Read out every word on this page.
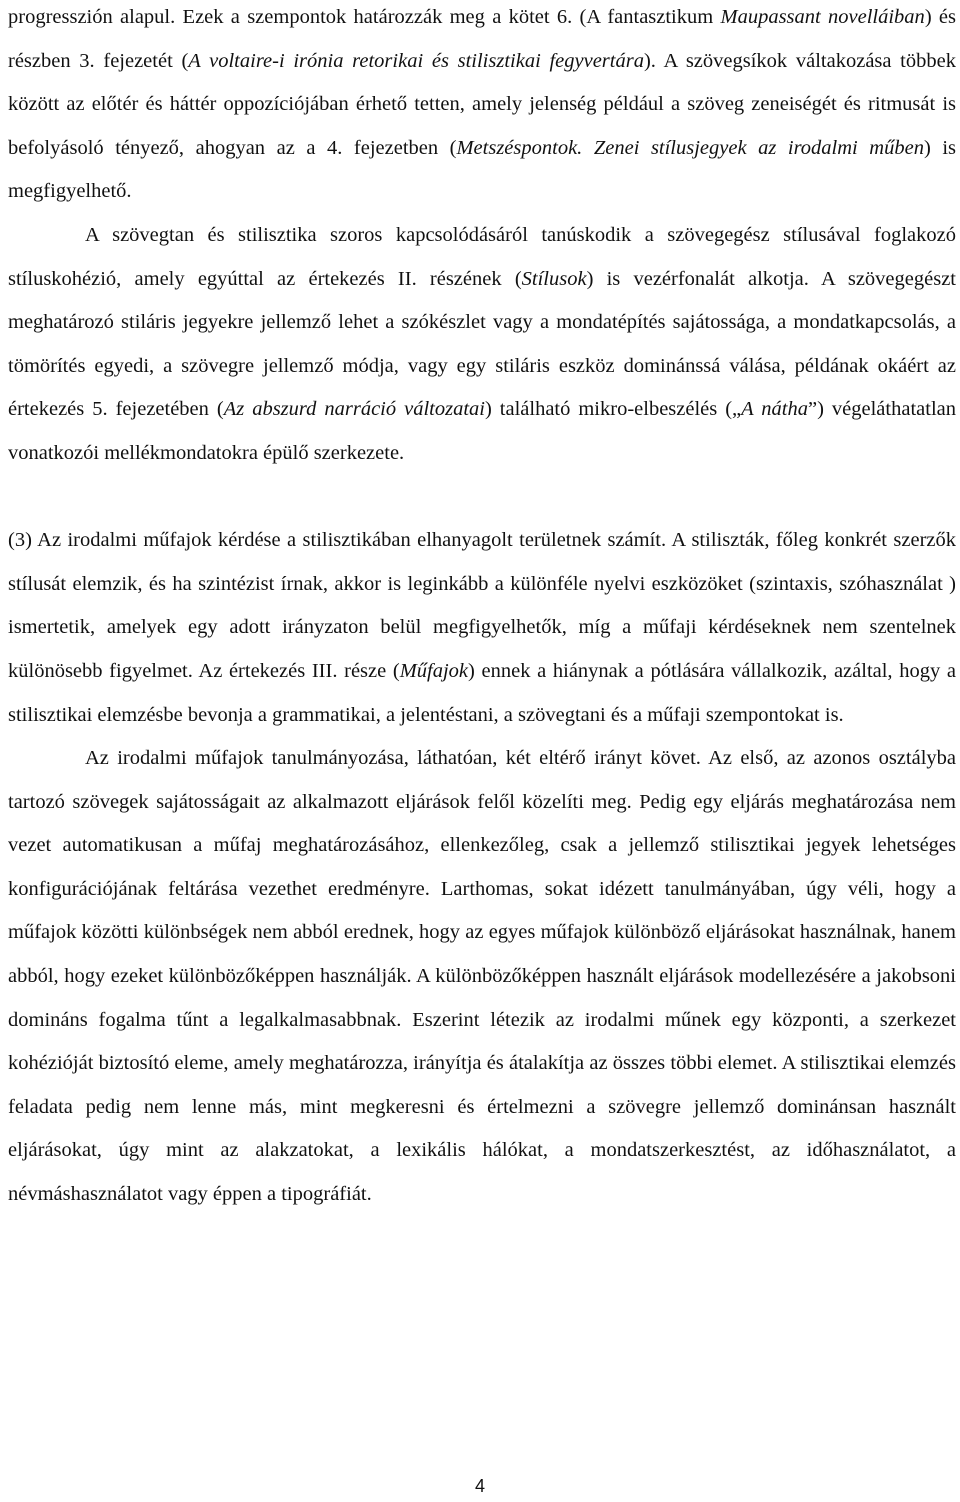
progresszión alapul. Ezek a szempontok határozzák meg a kötet 6. (A fantasztikum Maupassant novelláiban) és részben 3. fejezetét (A voltaire-i irónia retorikai és stilisztikai fegyvertára). A szövegsíkok váltakozása többek között az előtér és háttér oppozíciójában érhető tetten, amely jelenség például a szöveg zeneiségét és ritmusát is befolyásoló tényező, ahogyan az a 4. fejezetben (Metszéspontok. Zenei stílusjegyek az irodalmi műben) is megfigyelhető.

A szövegtan és stilisztika szoros kapcsolódásáról tanúskodik a szövegegész stílusával foglakozó stíluskohézió, amely egyúttal az értekezés II. részének (Stílusok) is vezérfonalát alkotja. A szövegegészt meghatározó stiláris jegyekre jellemző lehet a szókészlet vagy a mondatépítés sajátossága, a mondatkapcsolás, a tömörítés egyedi, a szövegre jellemző módja, vagy egy stiláris eszköz dominánssá válása, példának okáért az értekezés 5. fejezetében (Az abszurd narráció változatai) található mikro-elbeszélés („A nátha”) végeláthatatlan vonatkozói mellékmondatokra épülő szerkezete.

(3) Az irodalmi műfajok kérdése a stilisztikában elhanyagolt területnek számít. A stiliszták, főleg konkrét szerzők stílusát elemzik, és ha szintézist írnak, akkor is leginkább a különféle nyelvi eszközöket (szintaxis, szóhasználat ) ismertetik, amelyek egy adott irányzaton belül megfigyelhetők, míg a műfaji kérdéseknek nem szentelnek különösebb figyelmet. Az értekezés III. része (Műfajok) ennek a hiánynak a pótlására vállalkozik, azáltal, hogy a stilisztikai elemzésbe bevonja a grammatikai, a jelentéstani, a szövegtani és a műfaji szempontokat is.

Az irodalmi műfajok tanulmányozása, láthatóan, két eltérő irányt követ. Az első, az azonos osztályba tartozó szövegek sajátosságait az alkalmazott eljárások felől közelíti meg. Pedig egy eljárás meghatározása nem vezet automatikusan a műfaj meghatározásához, ellenkezőleg, csak a jellemző stilisztikai jegyek lehetséges konfigurációjának feltárása vezethet eredményre. Larthomas, sokat idézett tanulmányában, úgy véli, hogy a műfajok közötti különbségek nem abból erednek, hogy az egyes műfajok különböző eljárásokat használnak, hanem abból, hogy ezeket különbözőképpen használják. A különbözőképpen használt eljárások modellezésére a jakobsoni domináns fogalma tűnt a legalkalmasabbnak. Eszerint létezik az irodalmi műnek egy központi, a szerkezet kohézióját biztosító eleme, amely meghatározza, irányítja és átalakítja az összes többi elemet. A stilisztikai elemzés feladata pedig nem lenne más, mint megkeresni és értelmezni a szövegre jellemző dominánsan használt eljárásokat, úgy mint az alakzatokat, a lexikális hálókat, a mondatszerkesztést, az időhasználatot, a névmáshasználatot vagy éppen a tipográfiát.

4
